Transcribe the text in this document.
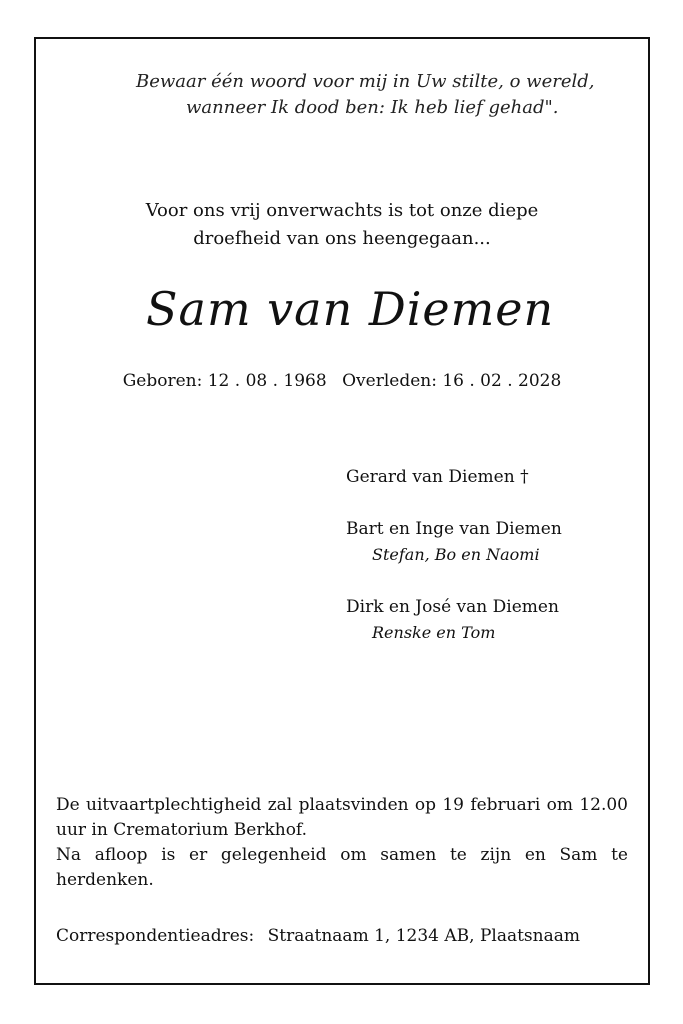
Bewaar één woord voor mij in Uw stilte, o wereld,
wanneer Ik dood ben: Ik heb lief gehad".
Voor ons vrij onverwachts is tot onze diepe
droefheid van ons heengegaan...
Sam van Diemen
Geboren: 12 . 08 . 1968 Overleden: 16 . 02 . 2028
Gerard van Diemen †
Bart en Inge van Diemen
Stefan, Bo en Naomi
Dirk en José van Diemen
Renske en Tom

De uitvaartplechtigheid zal plaatsvinden op 19 februari om 12.00 uur in Crematorium Berkhof.

Na afloop is er gelegenheid om samen te zijn en Sam te herdenken.

Correspondentieadres: Straatnaam 1, 1234 AB, Plaatsnaam
